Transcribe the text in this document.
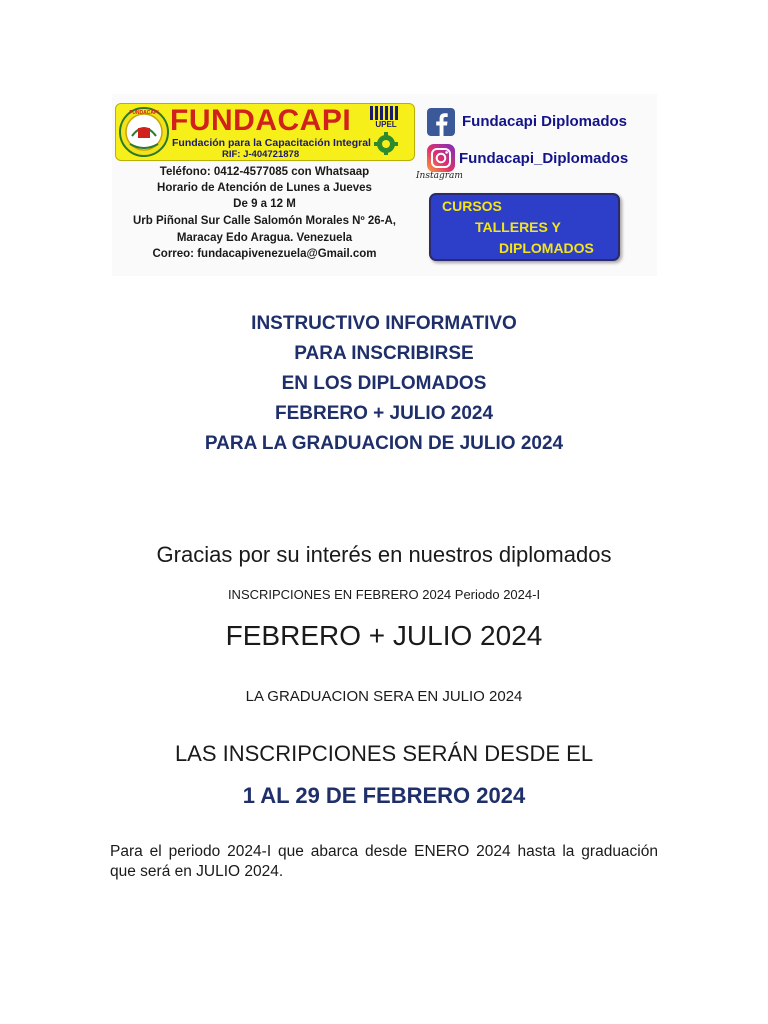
FUNDACAPI FUNDACAPI
Fundación para la Capacitación Integral
RIF: J-404721878
UPEL
Teléfono: 0412-4577085 con Whatsaap
Horario de Atención de Lunes a Jueves
De 9 a 12 M
Urb Piñonal Sur Calle Salomón Morales Nº 26-A,
Maracay Edo Aragua. Venezuela
Correo: fundacapivenezuela@Gmail.com
Fundacapi Diplomados
Fundacapi_Diplomados
Instagram
CURSOS
TALLERES Y
DIPLOMADOS
INSTRUCTIVO INFORMATIVO
PARA INSCRIBIRSE
EN LOS DIPLOMADOS
FEBRERO + JULIO 2024
PARA LA GRADUACION DE JULIO 2024
Gracias por su interés en nuestros diplomados
INSCRIPCIONES EN FEBRERO 2024 Periodo 2024-I
FEBRERO + JULIO 2024
LA GRADUACION SERA EN JULIO 2024
LAS INSCRIPCIONES SERÁN DESDE EL
1 AL 29 DE FEBRERO 2024

Para el periodo 2024-I que abarca desde ENERO 2024 hasta la graduación que será en JULIO 2024.
